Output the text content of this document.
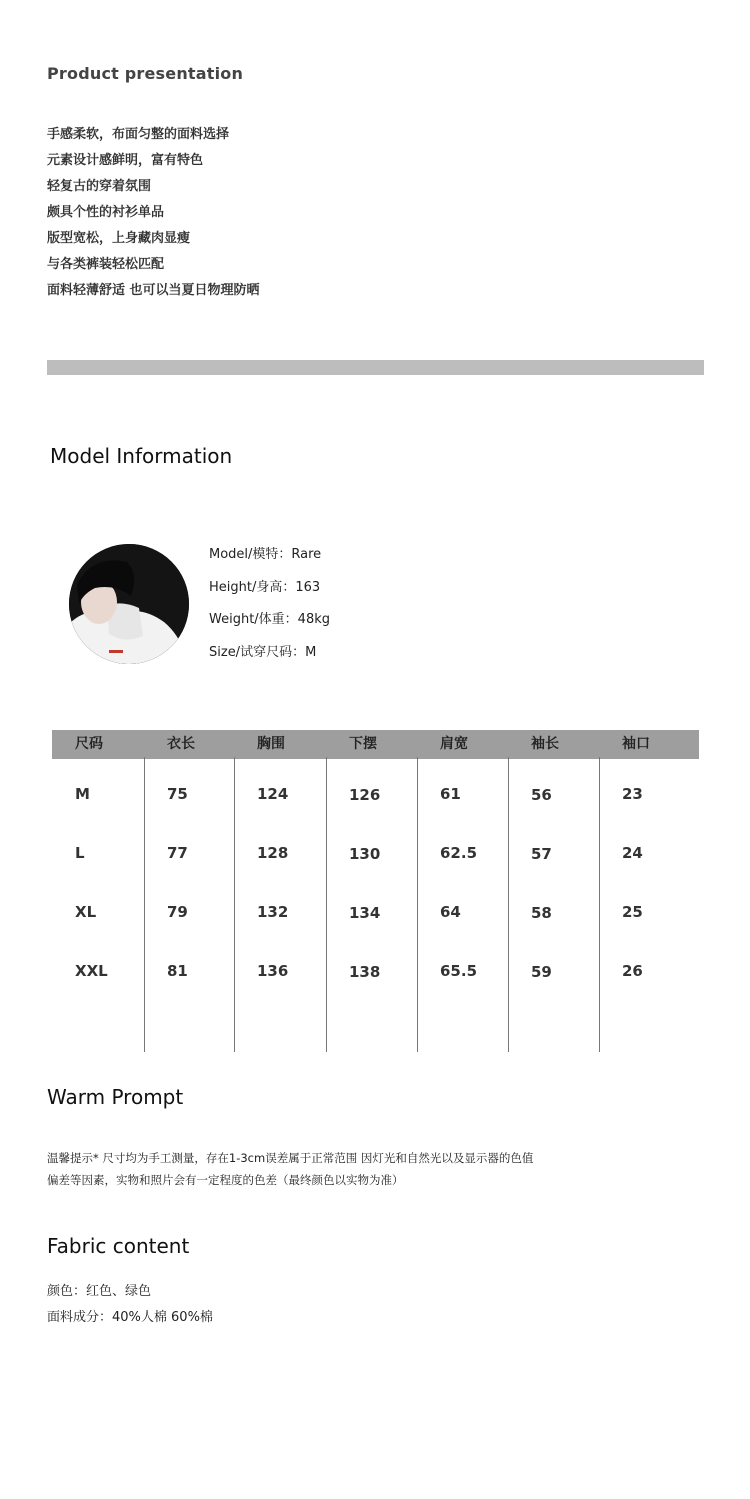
Product presentation
手感柔软，布面匀整的面料选择
元素设计感鲜明，富有特色
轻复古的穿着氛围
颇具个性的衬衫单品
版型宽松，上身藏肉显瘦
与各类裤装轻松匹配
面料轻薄舒适 也可以当夏日物理防晒
Model Information
Model/模特：Rare
Height/身高：163
Weight/体重：48kg
Size/试穿尺码：M
尺码	衣长	胸围	下摆	肩宽	袖长	袖口
M	75	124	126	61	56	23
L	77	128	130	62.5	57	24
XL	79	132	134	64	58	25
XXL	81	136	138	65.5	59	26
Warm Prompt
温馨提示* 尺寸均为手工测量，存在1-3cm误差属于正常范围 因灯光和自然光以及显示器的色值
偏差等因素，实物和照片会有一定程度的色差（最终颜色以实物为准）
Fabric content
颜色：红色、绿色
面料成分：40%人棉 60%棉
